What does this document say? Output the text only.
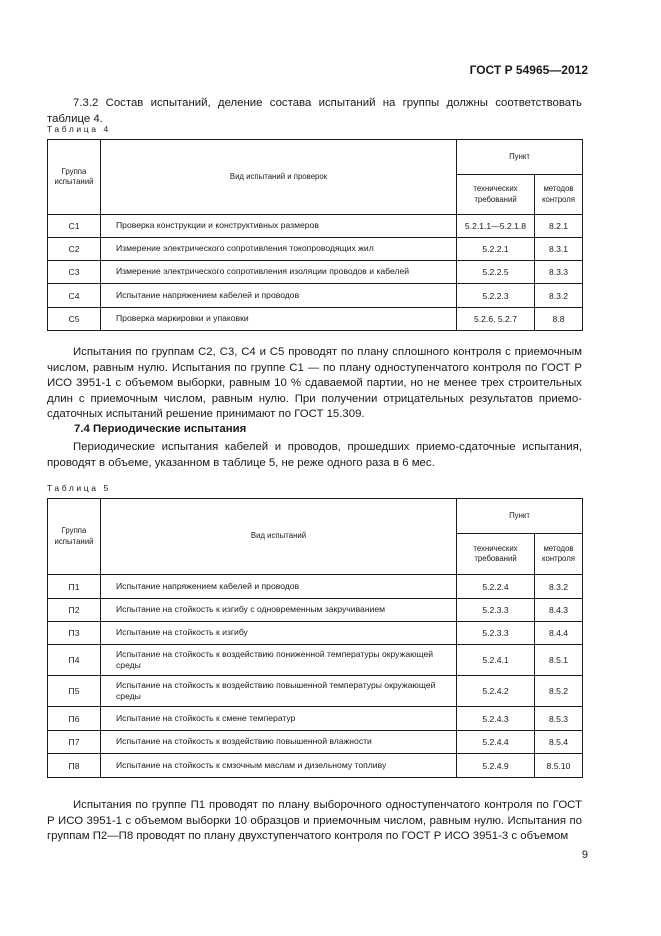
ГОСТ Р 54965—2012
7.3.2 Состав испытаний, деление состава испытаний на группы должны соответствовать таблице 4.
Таблица 4
Группа испытаний	Вид испытаний и проверок	Пункт	
		технических требований	методов контроля
С1	Проверка конструкции и конструктивных размеров	5.2.1.1—5.2.1.8	8.2.1
С2	Измерение электрического сопротивления токопроводящих жил	5.2.2.1	8.3.1
С3	Измерение электрического сопротивления изоляции проводов и кабелей	5.2.2.5	8.3.3
С4	Испытание напряжением кабелей и проводов	5.2.2.3	8.3.2
С5	Проверка маркировки и упаковки	5.2.6, 5.2.7	8.8
Испытания по группам С2, С3, С4 и С5 проводят по плану сплошного контроля с приемочным числом, равным нулю. Испытания по группе С1 — по плану одноступенчатого контроля по ГОСТ Р ИСО 3951-1 с объемом выборки, равным 10 % сдаваемой партии, но не менее трех строительных длин с приемочным числом, равным нулю. При получении отрицательных результатов приемо-сдаточных испытаний решение принимают по ГОСТ 15.309.
7.4 Периодические испытания
Периодические испытания кабелей и проводов, прошедших приемо-сдаточные испытания, проводят в объеме, указанном в таблице 5, не реже одного раза в 6 мес.
Таблица 5
Группа испытаний	Вид испытаний	Пункт	
		технических требований	методов контроля
П1	Испытание напряжением кабелей и проводов	5.2.2.4	8.3.2
П2	Испытание на стойкость к изгибу с одновременным закручиванием	5.2.3.3	8.4.3
П3	Испытание на стойкость к изгибу	5.2.3.3	8.4.4
П4	Испытание на стойкость к воздействию пониженной температуры окружающей среды	5.2.4.1	8.5.1
П5	Испытание на стойкость к воздействию повышенной температуры окружающей среды	5.2.4.2	8.5.2
П6	Испытание на стойкость к смене температур	5.2.4.3	8.5.3
П7	Испытание на стойкость к воздействию повышенной влажности	5.2.4.4	8.5.4
П8	Испытание на стойкость к смзочным маслам и дизельному топливу	5.2.4.9	8.5.10
Испытания по группе П1 проводят по плану выборочного одноступенчатого контроля по ГОСТ Р ИСО 3951-1 с объемом выборки 10 образцов и приемочным числом, равным нулю. Испытания по группам П2—П8 проводят по плану двухступенчатого контроля по ГОСТ Р ИСО 3951-3 с объемом
9
